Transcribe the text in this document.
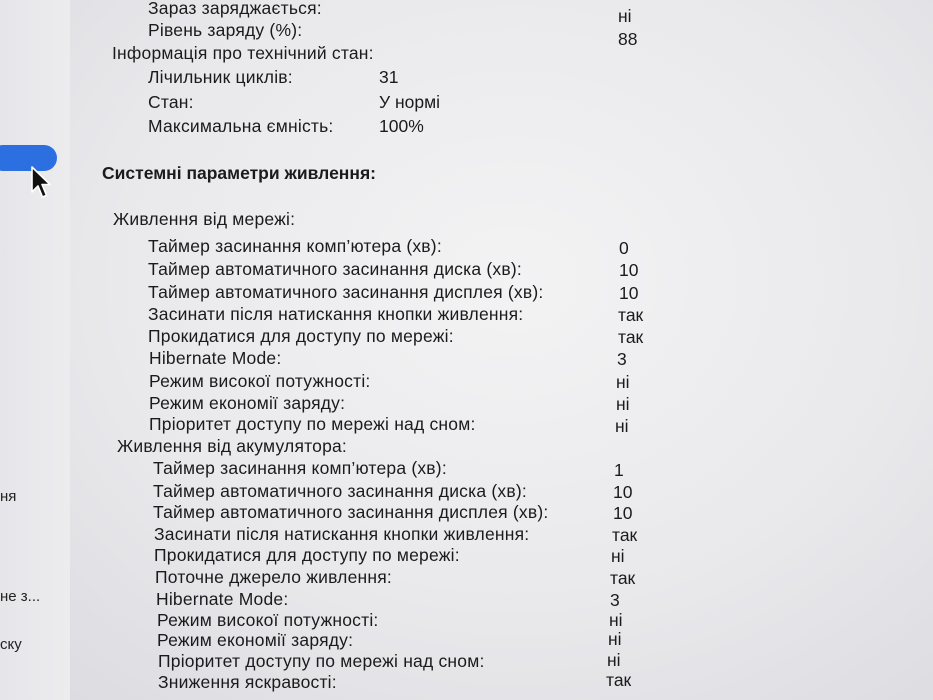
ня
не з...
ску
Зараз заряджається:	ні
Рівень заряду (%):	88
Інформація про технічний стан:
Лічильник циклів:	31
Стан:	У нормі
Максимальна ємність:	100%
Системні параметри живлення:
Живлення від мережі:
Таймер засинання комп’ютера (хв):	0
Таймер автоматичного засинання диска (хв):	10
Таймер автоматичного засинання дисплея (хв):	10
Засинати після натискання кнопки живлення:	так
Прокидатися для доступу по мережі:	так
Hibernate Mode:	3
Режим високої потужності:	ні
Режим економії заряду:	ні
Пріоритет доступу по мережі над сном:	ні
Живлення від акумулятора:
Таймер засинання комп’ютера (хв):	1
Таймер автоматичного засинання диска (хв):	10
Таймер автоматичного засинання дисплея (хв):	10
Засинати після натискання кнопки живлення:	так
Прокидатися для доступу по мережі:	ні
Поточне джерело живлення:	так
Hibernate Mode:	3
Режим високої потужності:	ні
Режим економії заряду:	ні
Пріоритет доступу по мережі над сном:	ні
Зниження яскравості:	так
